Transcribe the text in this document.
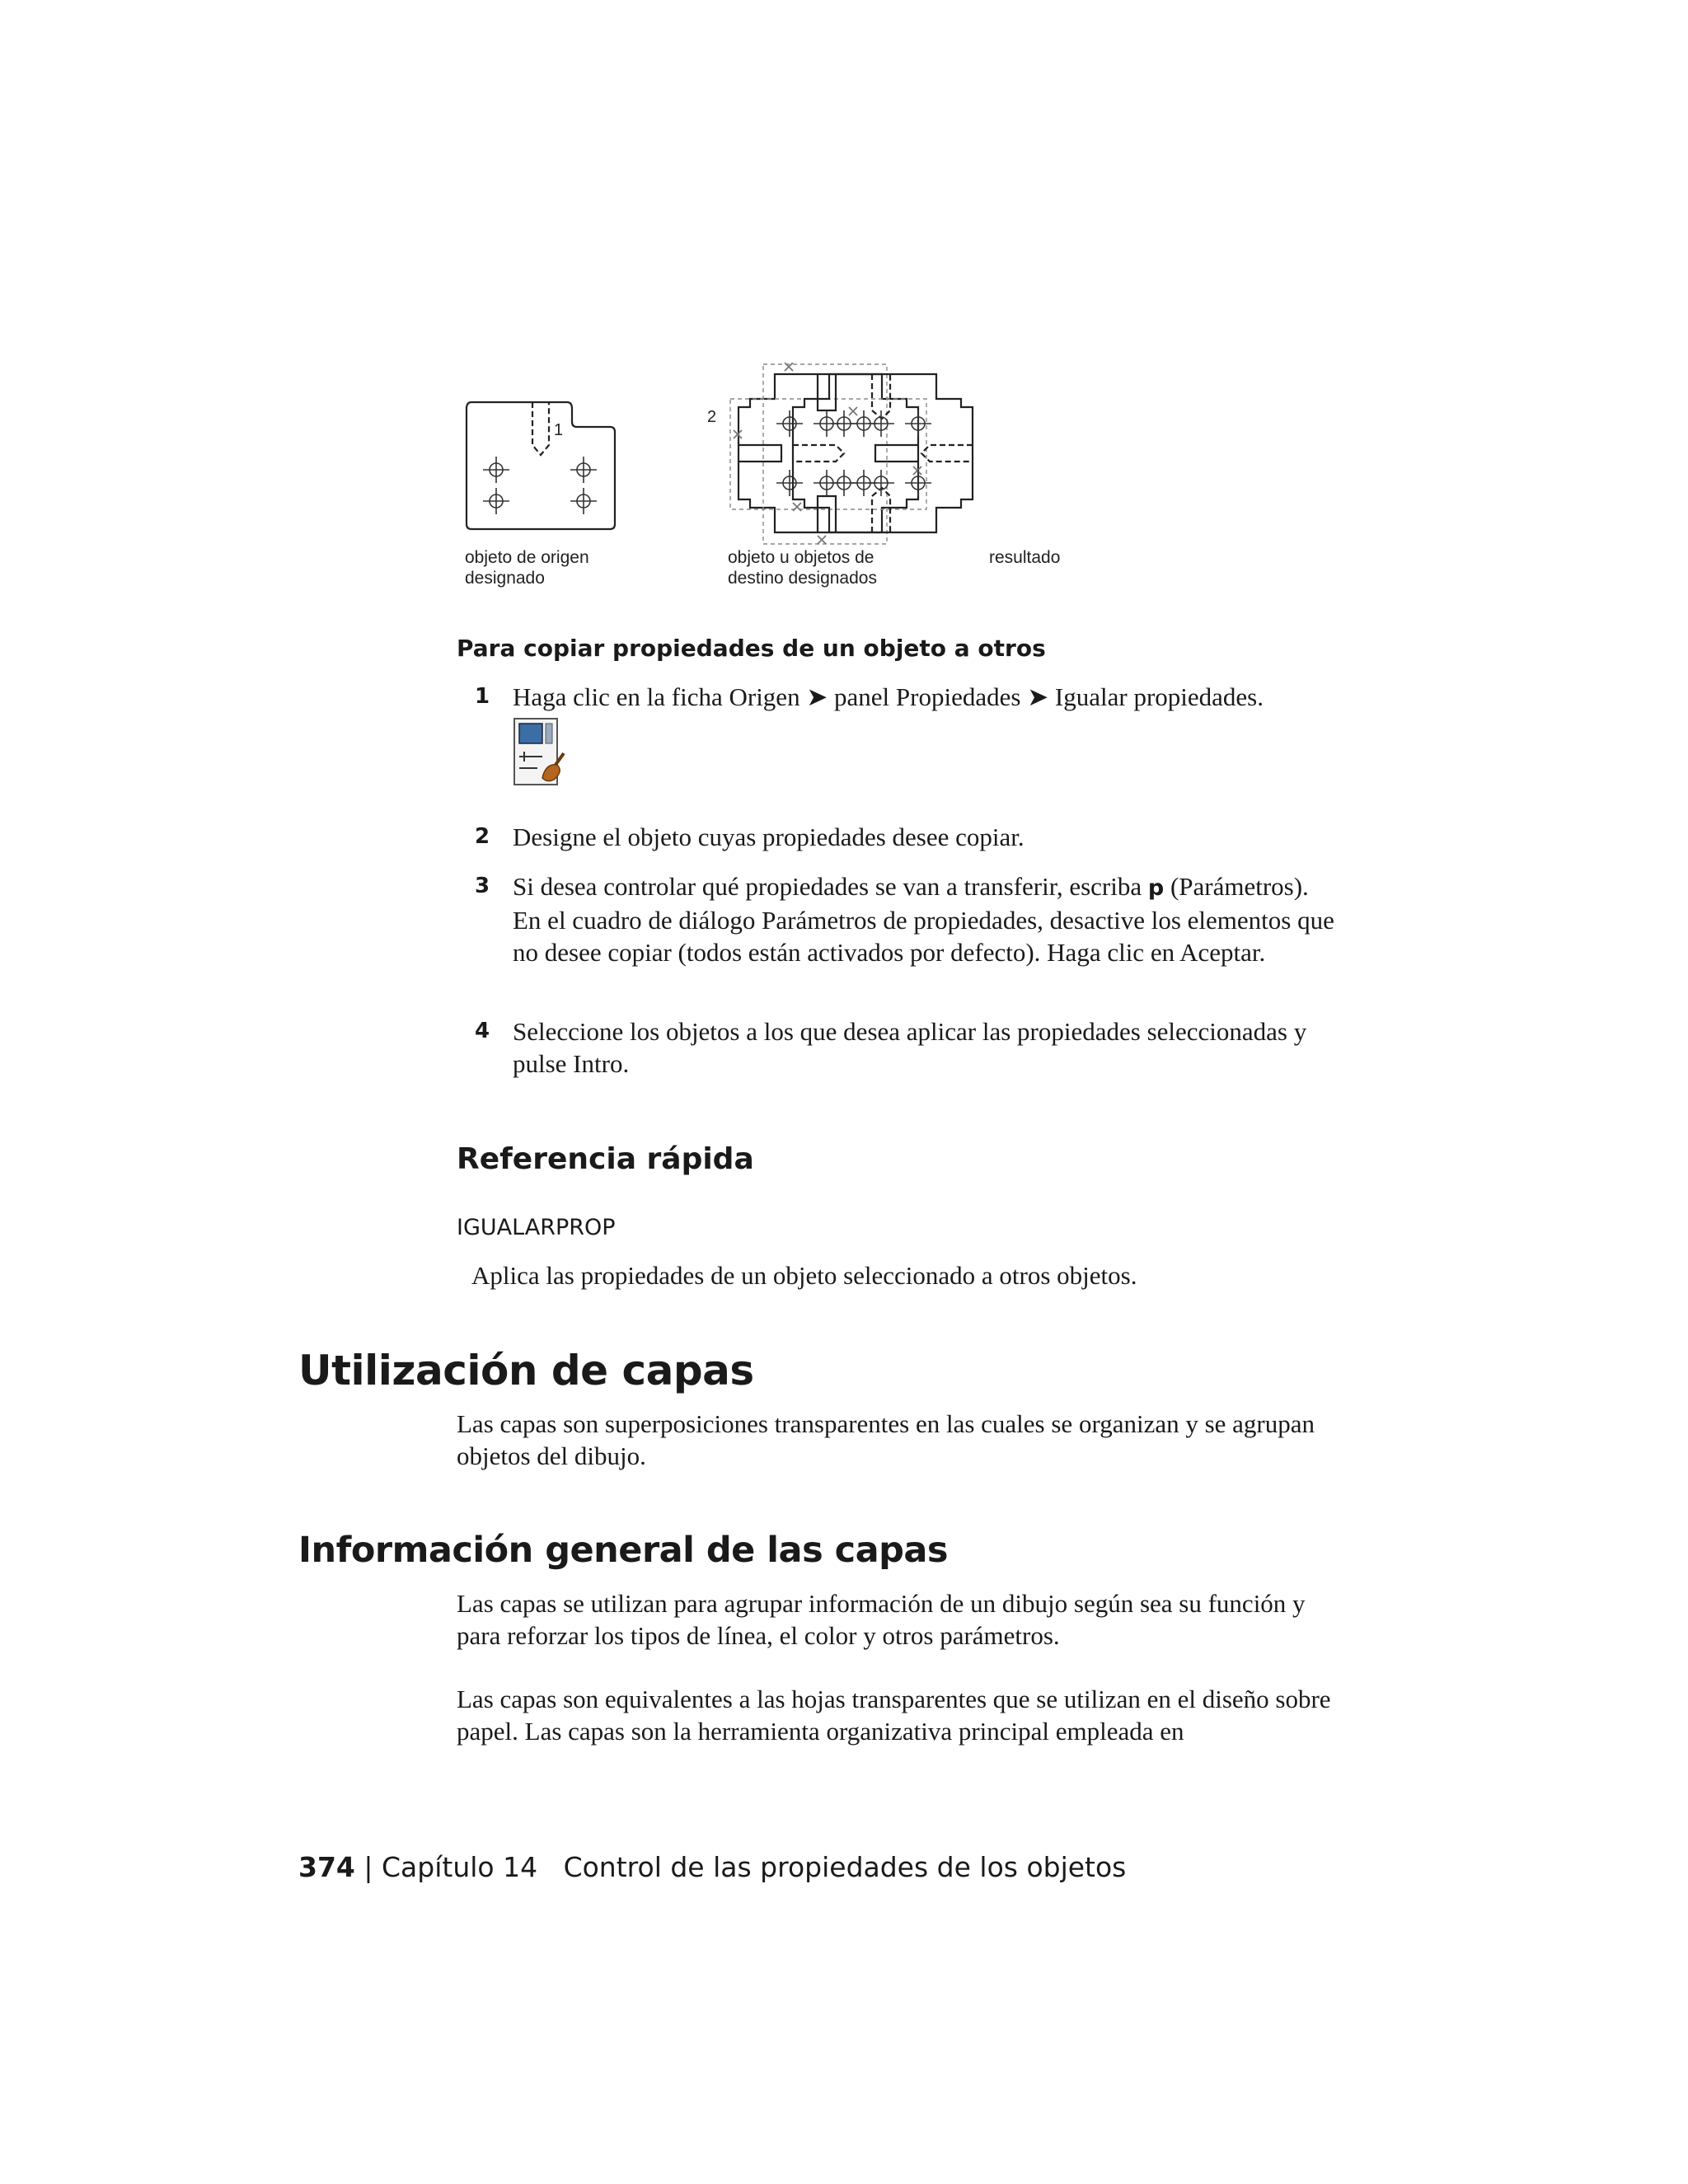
1
2
objeto de origen
designado
objeto u objetos de
destino designados
resultado
Para copiar propiedades de un objeto a otros
1 Haga clic en la ficha Origen ➤ panel Propiedades ➤ Igualar propiedades.
2 Designe el objeto cuyas propiedades desee copiar.
3 Si desea controlar qué propiedades se van a transferir, escriba p (Parámetros). En el cuadro de diálogo Parámetros de propiedades, desactive los elementos que no desee copiar (todos están activados por defecto). Haga clic en Aceptar.
4 Seleccione los objetos a los que desea aplicar las propiedades seleccionadas y pulse Intro.
Referencia rápida
IGUALARPROP
Aplica las propiedades de un objeto seleccionado a otros objetos.
Utilización de capas
Las capas son superposiciones transparentes en las cuales se organizan y se agrupan objetos del dibujo.
Información general de las capas
Las capas se utilizan para agrupar información de un dibujo según sea su función y para reforzar los tipos de línea, el color y otros parámetros.
Las capas son equivalentes a las hojas transparentes que se utilizan en el diseño sobre papel. Las capas son la herramienta organizativa principal empleada en
374 | Capítulo 14 Control de las propiedades de los objetos
